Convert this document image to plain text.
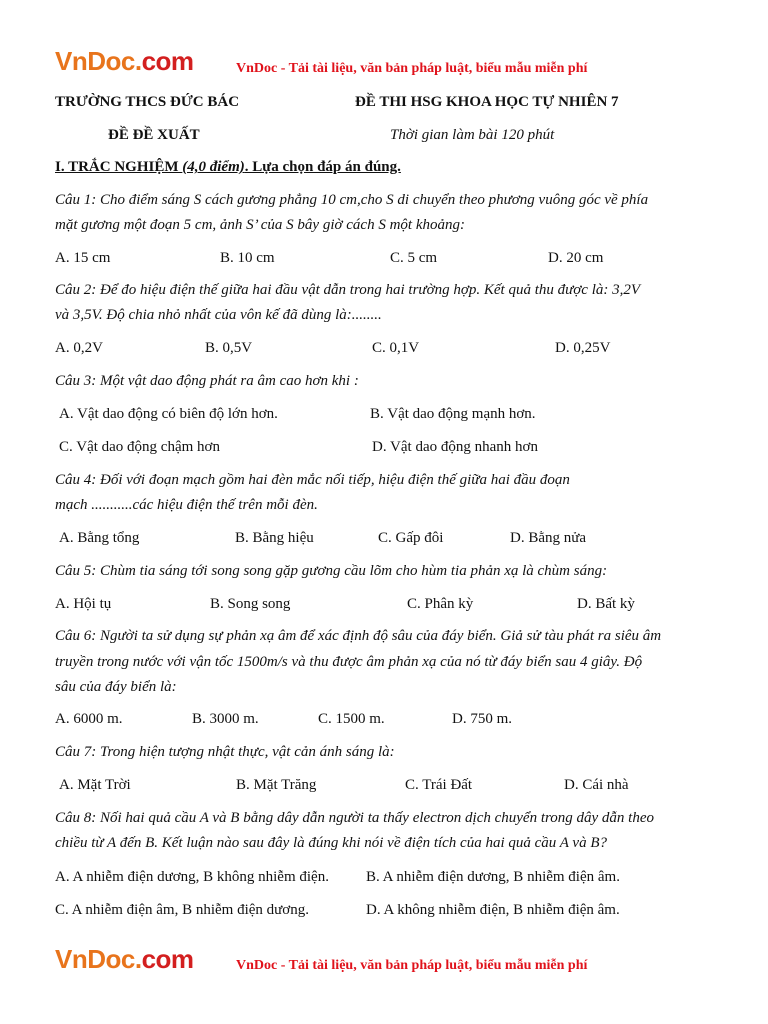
VnDoc.com	VnDoc - Tải tài liệu, văn bản pháp luật, biểu mẫu miễn phí
TRƯỜNG THCS ĐỨC BÁC	ĐỀ THI HSG KHOA HỌC TỰ NHIÊN 7
ĐỀ ĐỀ XUẤT	Thời gian làm bài 120 phút
I. TRẮC NGHIỆM (4,0 điểm). Lựa chọn đáp án đúng.
Câu 1: Cho điểm sáng S cách gương phẳng 10 cm,cho S di chuyển theo phương vuông góc về phía
mặt gương một đoạn 5 cm, ảnh S’ của S bây giờ cách S một khoảng:
A. 15 cm	B. 10 cm	C. 5 cm	D. 20 cm
Câu 2: Để đo hiệu điện thế giữa hai đầu vật dẫn trong hai trường hợp. Kết quả thu được là: 3,2V
và 3,5V. Độ chia nhỏ nhất của vôn kế đã dùng là:........
A. 0,2V	B. 0,5V	C. 0,1V	D. 0,25V
Câu 3: Một vật dao động phát ra âm cao hơn khi :
A. Vật dao động có biên độ lớn hơn.	B. Vật dao động mạnh hơn.
C. Vật dao động chậm hơn	D. Vật dao động nhanh hơn
Câu 4: Đối với đoạn mạch gồm hai đèn mắc nối tiếp, hiệu điện thế giữa hai đầu đoạn
mạch ...........các hiệu điện thế trên mỗi đèn.
A. Bằng tổng	B. Bằng hiệu	C. Gấp đôi	D. Bằng nửa
Câu 5: Chùm tia sáng tới song song gặp gương cầu lõm cho hùm tia phản xạ là chùm sáng:
A. Hội tụ	B. Song song	C. Phân kỳ	D. Bất kỳ
Câu 6: Người ta sử dụng sự phản xạ âm để xác định độ sâu của đáy biển. Giả sử tàu phát ra siêu âm
truyền trong nước với vận tốc 1500m/s và thu được âm phản xạ của nó từ đáy biển sau 4 giây. Độ
sâu của đáy biển là:
A. 6000 m.	B. 3000 m.	C. 1500 m.	D. 750 m.
Câu 7: Trong hiện tượng nhật thực, vật cản ánh sáng là:
A. Mặt Trời	B. Mặt Trăng	C. Trái Đất	D. Cái nhà
Câu 8: Nối hai quả cầu A và B bằng dây dẫn người ta thấy electron dịch chuyển trong dây dẫn theo
chiều từ A đến B. Kết luận nào sau đây là đúng khi nói về điện tích của hai quả cầu A và B?
A. A nhiễm điện dương, B không nhiễm điện. B. A nhiễm điện dương, B nhiễm điện âm.
C. A nhiễm điện âm, B nhiễm điện dương.	D. A không nhiễm điện, B nhiễm điện âm.
VnDoc.com	VnDoc - Tải tài liệu, văn bản pháp luật, biểu mẫu miễn phí
